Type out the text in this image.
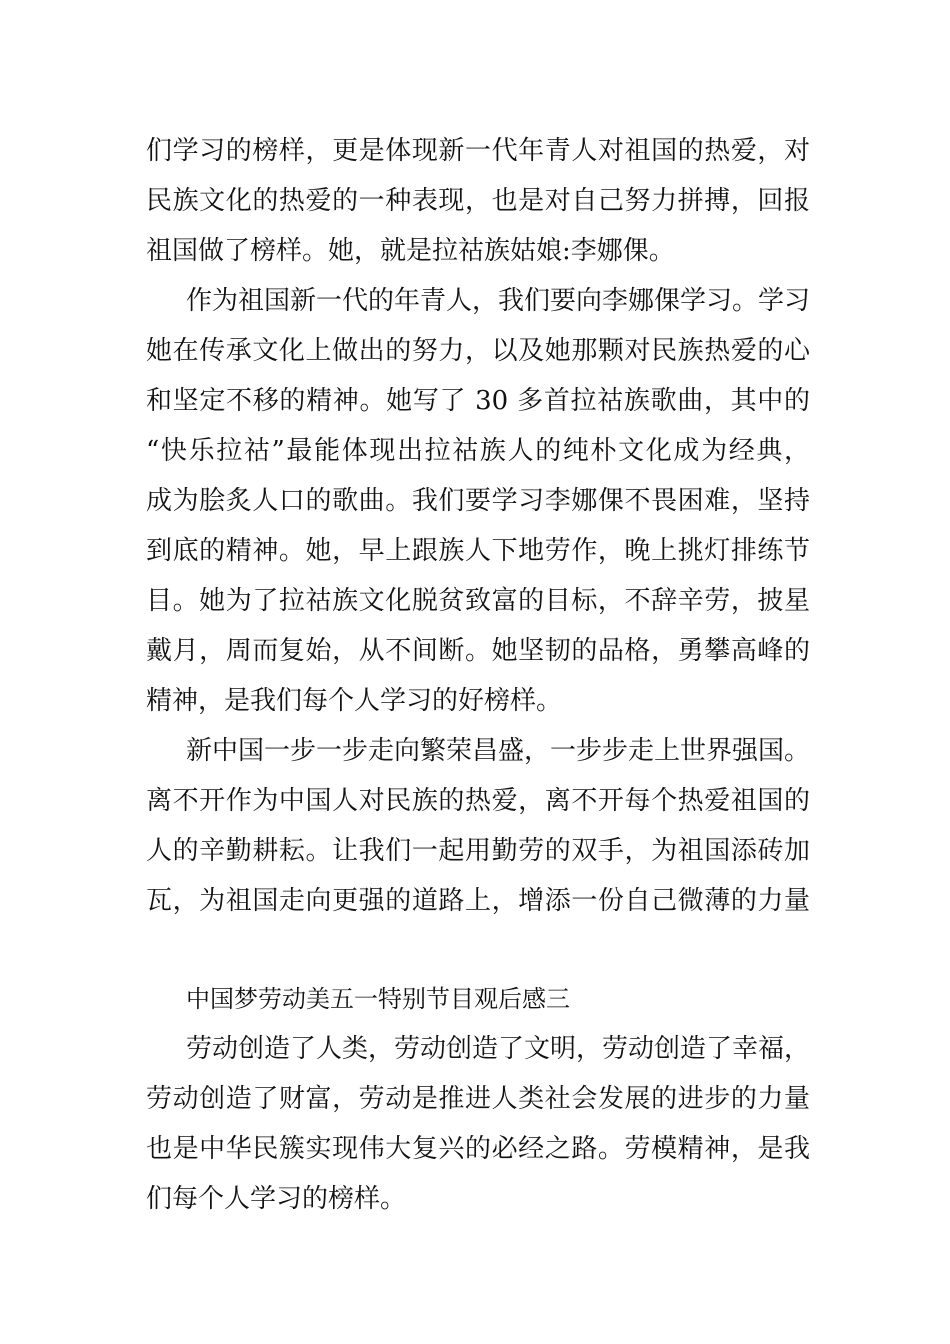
们学习的榜样，更是体现新一代年青人对祖国的热爱，对
民族文化的热爱的一种表现，也是对自己努力拼搏，回报
祖国做了榜样。她，就是拉祜族姑娘:李娜倮。
作为祖国新一代的年青人，我们要向李娜倮学习。学习
她在传承文化上做出的努力，以及她那颗对民族热爱的心
和坚定不移的精神。她写了 30 多首拉祜族歌曲，其中的
“快乐拉祜”最能体现出拉祜族人的纯朴文化成为经典，
成为脍炙人口的歌曲。我们要学习李娜倮不畏困难，坚持
到底的精神。她，早上跟族人下地劳作，晚上挑灯排练节
目。她为了拉祜族文化脱贫致富的目标，不辞辛劳，披星
戴月，周而复始，从不间断。她坚韧的品格，勇攀高峰的
精神，是我们每个人学习的好榜样。
新中国一步一步走向繁荣昌盛，一步步走上世界强国。
离不开作为中国人对民族的热爱，离不开每个热爱祖国的
人的辛勤耕耘。让我们一起用勤劳的双手，为祖国添砖加
瓦，为祖国走向更强的道路上，增添一份自己微薄的力量
中国梦劳动美五一特别节目观后感三
劳动创造了人类，劳动创造了文明，劳动创造了幸福，
劳动创造了财富，劳动是推进人类社会发展的进步的力量
也是中华民簇实现伟大复兴的必经之路。劳模精神，是我
们每个人学习的榜样。
